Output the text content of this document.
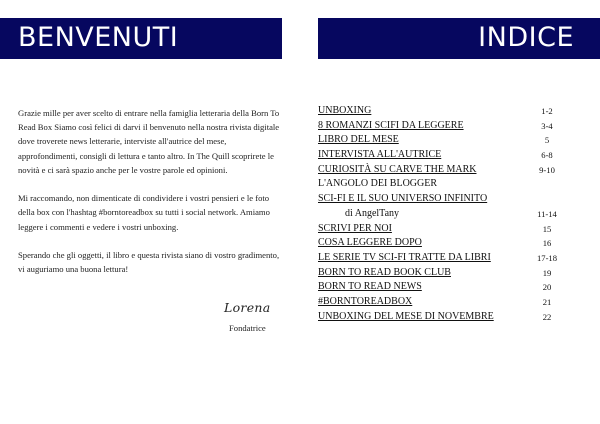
BENVENUTI	INDICE

Grazie mille per aver scelto di entrare nella famiglia letteraria della Born To Read Box Siamo così felici di darvi il benvenuto nella nostra rivista digitale dove troverete news letterarie, interviste all'autrice del mese, approfondimenti, consigli di lettura e tanto altro. In The Quill scoprirete le novità e ci sarà spazio anche per le vostre parole ed opinioni.

Mi raccomando, non dimenticate di condividere i vostri pensieri e le foto della box con l'hashtag #borntoreadbox su tutti i social network. Amiamo leggere i commenti e vedere i vostri unboxing.

Sperando che gli oggetti, il libro e questa rivista siano di vostro gradimento, vi auguriamo una buona lettura!

Lorena
Fondatrice
UNBOXING	1-2
8 ROMANZI SCIFI DA LEGGERE	3-4
LIBRO DEL MESE	5
INTERVISTA ALL'AUTRICE	6-8
CURIOSITÀ SU CARVE THE MARK	9-10
L'ANGOLO DEI BLOGGER
SCI-FI E IL SUO UNIVERSO INFINITO
di AngelTany	11-14
SCRIVI PER NOI	15
COSA LEGGERE DOPO	16
LE SERIE TV SCI-FI TRATTE DA LIBRI	17-18
BORN TO READ BOOK CLUB	19
BORN TO READ NEWS	20
#BORNTOREADBOX	21
UNBOXING DEL MESE DI NOVEMBRE	22
